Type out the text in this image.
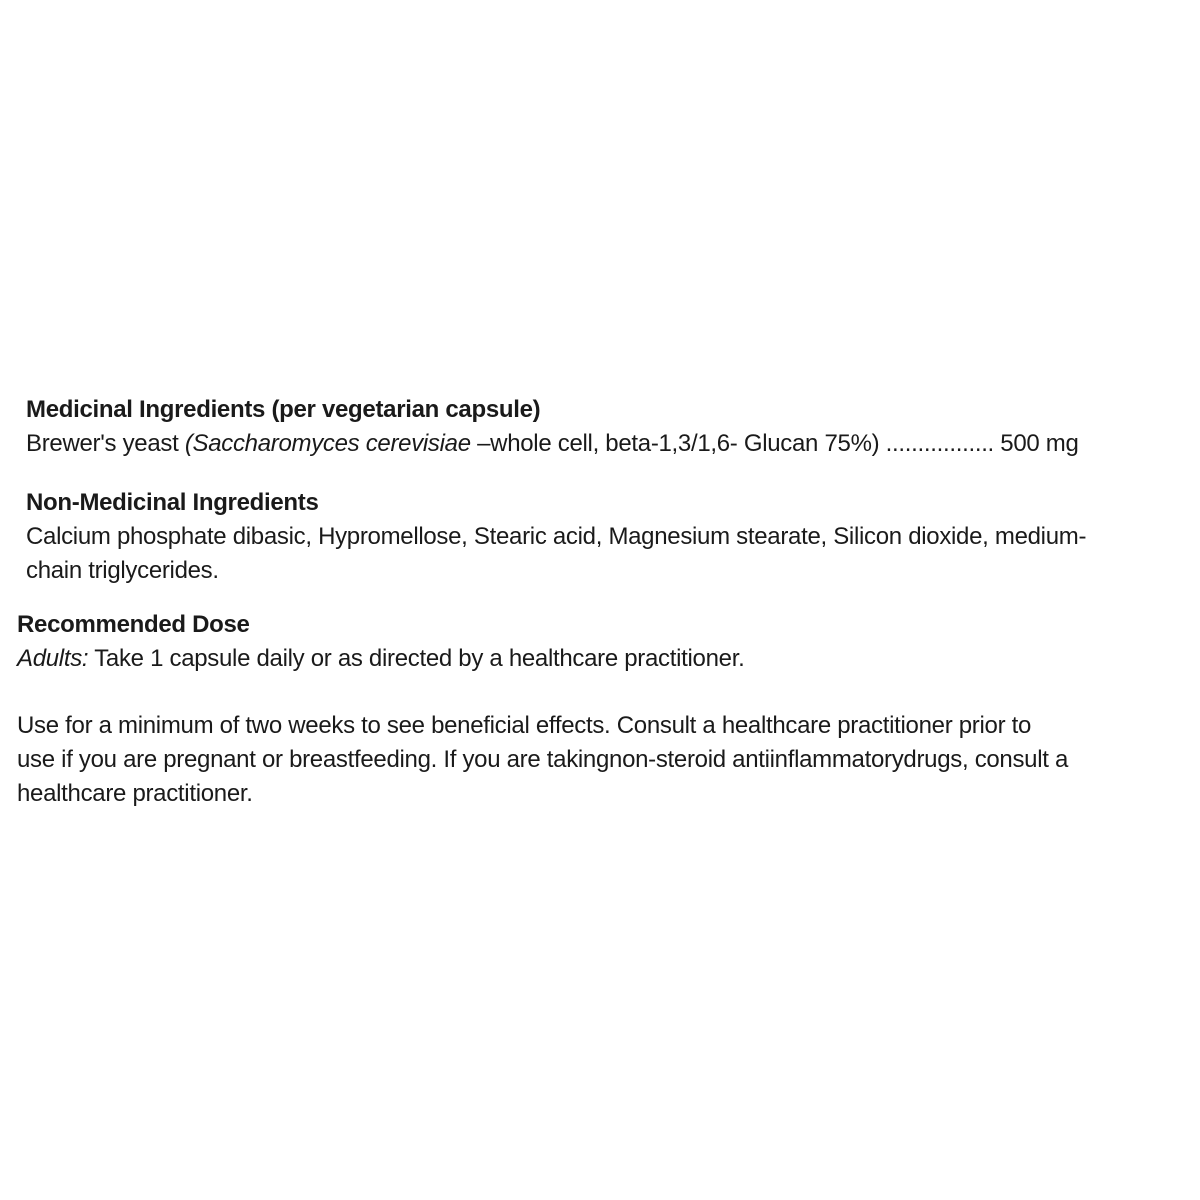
Medicinal Ingredients (per vegetarian capsule)
Brewer's yeast (Saccharomyces cerevisiae –whole cell, beta-1,3/1,6- Glucan 75%) ................. 500 mg
Non-Medicinal Ingredients
Calcium phosphate dibasic, Hypromellose, Stearic acid, Magnesium stearate, Silicon dioxide, medium-
chain triglycerides.
Recommended Dose
Adults: Take 1 capsule daily or as directed by a healthcare practitioner.
Use for a minimum of two weeks to see beneficial effects. Consult a healthcare practitioner prior to
use if you are pregnant or breastfeeding. If you are takingnon-steroid antiinflammatorydrugs, consult a
healthcare practitioner.
